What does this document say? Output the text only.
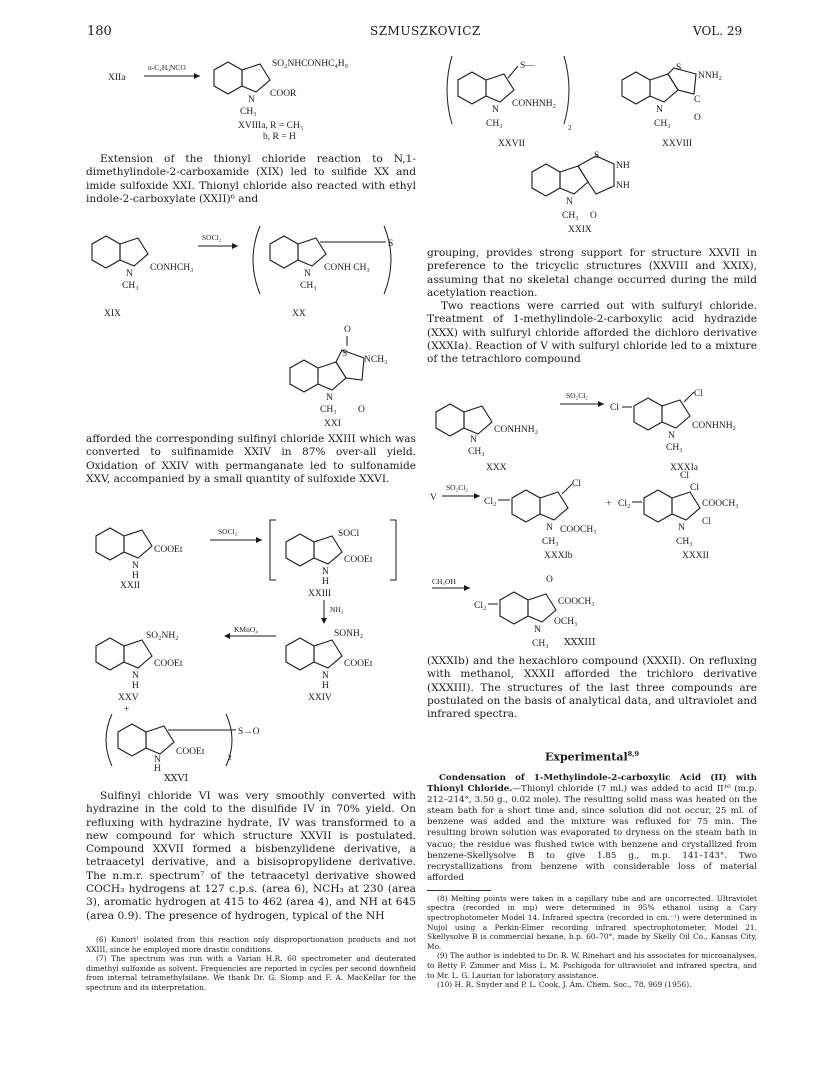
180	SZMUSZKOVICZ	VOL. 29
XIIa
n-C₄H₉NCO	SO₂NHCONHC₄H₉
COOR
N
CH₃
XVIIIa, R = CH₃
b, R = H

Extension of the thionyl chloride reaction to N,1-dimethylindole-2-carboxamide (XIX) led to sulfide XX and imide sulfoxide XXI. Thionyl chloride also reacted with ethyl indole-2-carboxylate (XXII)⁶ and

CONHCH₃
N
CH₃
XIX
SOCl₂
S
CONH CH₃
N
CH₃
XX
O
S
NCH₃
N
CH₃ O
XXI

afforded the corresponding sulfinyl chloride XXIII which was converted to sulfinamide XXIV in 87% over-all yield. Oxidation of XXIV with permanganate led to sulfonamide XXV, accompanied by a small quantity of sulfoxide XXVI.

COOEt
N
H
XXII
SOCl₂	SOCl
COOEt
N
H
XXIII
NH₃
SO₂NH₂
COOEt
N
H
XXV
+
KMnO₄	SONH₂
COOEt
N
H
XXIV
S→O
COOEt
2
N
H
XXVI

Sulfinyl chloride VI was very smoothly converted with hydrazine in the cold to the disulfide IV in 70% yield. On refluxing with hydrazine hydrate, IV was transformed to a new compound for which structure XXVII is postulated. Compound XXVII formed a bisbenzylidene derivative, a tetraacetyl derivative, and a bisisopropylidene derivative. The n.m.r. spectrum⁷ of the tetraacetyl derivative showed COCH₃ hydrogens at 127 c.p.s. (area 6), NCH₃ at 230 (area 3), aromatic hydrogen at 415 to 462 (area 4), and NH at 645 (area 0.9). The presence of hydrogen, typical of the NH

(6) Kunori¹ isolated from this reaction only disproportionation products and not XXIII, since he employed more drastic conditions.

(7) The spectrum was run with a Varian H.R. 60 spectrometer and deuterated dimethyl sulfoxide as solvent. Frequencies are reported in cycles per second downfield from internal tetramethylsilane. We thank Dr. G. Slomp and F. A. MacKellar for the spectrum and its interpretation.

S—
CONHNH₂
N
CH₃	2
XXVII
S
NNH₂
C
O
N
CH₃
XXVIII
S
NH
NH
N
CH₃ O
XXIX

grouping, provides strong support for structure XXVII in preference to the tricyclic structures (XXVIII and XXIX), assuming that no skeletal change occurred during the mild acetylation reaction.

Two reactions were carried out with sulfuryl chloride. Treatment of 1-methylindole-2-carboxylic acid hydrazide (XXX) with sulfuryl chloride afforded the dichloro derivative (XXXIa). Reaction of V with sulfuryl chloride led to a mixture of the tetrachloro compound

CONHNH₂
N
CH₃
XXX
SO₂Cl₂
Cl
Cl
CONHNH₂
N
CH₃
XXXIa
V
SO₂Cl₂
Cl₂
Cl
COOCH₃
N
CH₃
XXXIb
+ Cl₂
Cl
Cl
COOCH₃
Cl
N
CH₃
XXXII
CH₃OH
Cl₂
O
COOCH₃
OCH₃
N
CH₃ XXXIII

(XXXIb) and the hexachloro compound (XXXII). On refluxing with methanol, XXXII afforded the trichloro derivative (XXXIII). The structures of the last three compounds are postulated on the basis of analytical data, and ultraviolet and infrared spectra.

Experimental$^{8,9}$

Condensation of 1-Methylindole-2-carboxylic Acid (II) with Thionyl Chloride.—Thionyl chloride (7 ml.) was added to acid II¹⁰ (m.p. 212–214°, 3.50 g., 0.02 mole). The resulting solid mass was heated on the steam bath for a short time and, since solution did not occur, 25 ml. of benzene was added and the mixture was refluxed for 75 min. The resulting brown solution was evaporated to dryness on the steam bath in vacuo; the residue was flushed twice with benzene and crystallized from benzene-Skellysolve B to give 1.85 g., m.p. 141–143°. Two recrystallizations from benzene with considerable loss of material afforded

(8) Melting points were taken in a capillary tube and are uncorrected. Ultraviolet spectra (recorded in mμ) were determined in 95% ethanol using a Cary spectrophotometer Model 14. Infrared spectra (recorded in cm.⁻¹) were determined in Nujol using a Perkin-Elmer recording infrared spectrophotometer, Model 21. Skellysolve B is commercial hexane, b.p. 60–70°, made by Skelly Oil Co., Kansas City, Mo.

(9) The author is indebted to Dr. R. W. Rinehart and his associates for microanalyses, to Betty F. Zimmer and Miss L. M. Pschigoda for ultraviolet and infrared spectra, and to Mr. L. G. Laurian for laboratory assistance.

(10) H. R. Snyder and P. L. Cook, J. Am. Chem. Soc., 78, 969 (1956).
